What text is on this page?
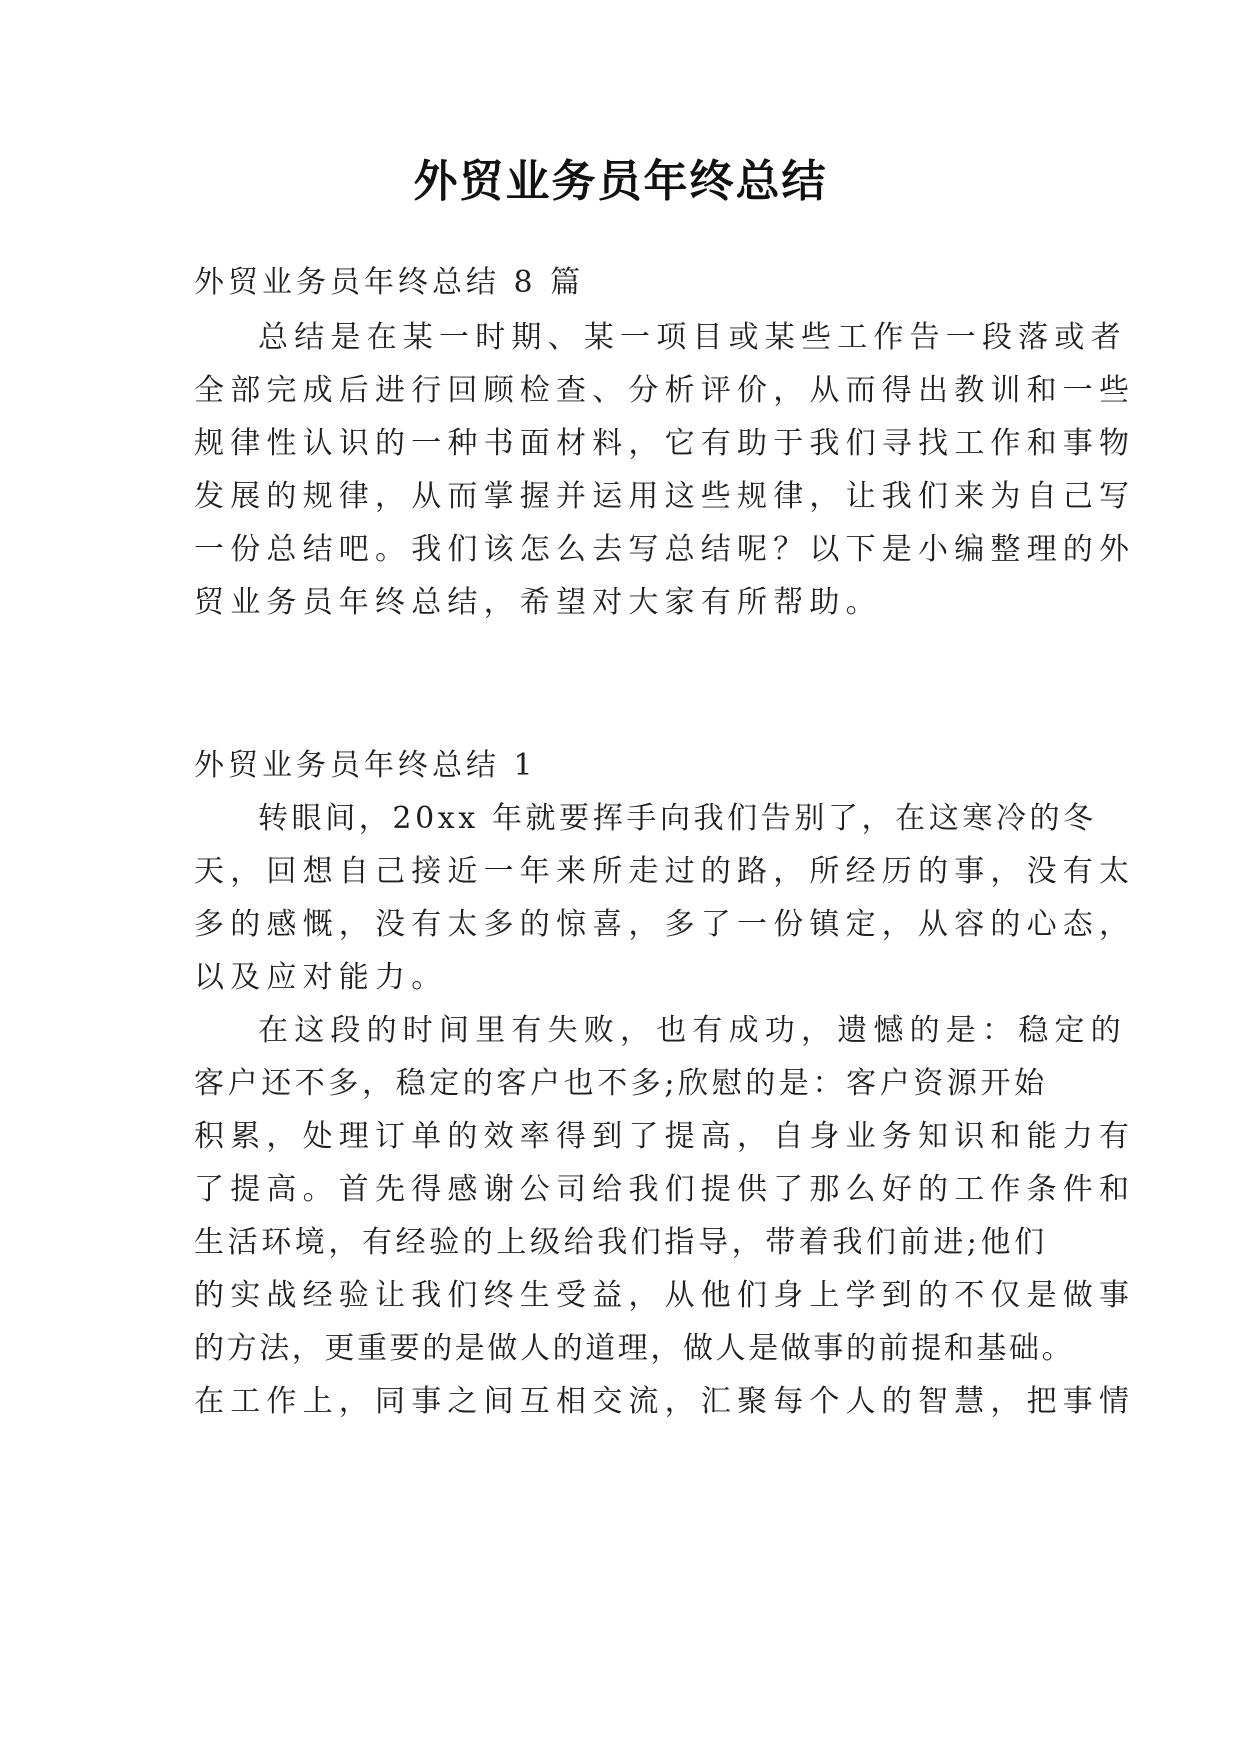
外贸业务员年终总结
外贸业务员年终总结 8 篇
总结是在某一时期、某一项目或某些工作告一段落或者
全部完成后进行回顾检查、分析评价，从而得出教训和一些
规律性认识的一种书面材料，它有助于我们寻找工作和事物
发展的规律，从而掌握并运用这些规律，让我们来为自己写
一份总结吧。我们该怎么去写总结呢？以下是小编整理的外
贸业务员年终总结，希望对大家有所帮助。
外贸业务员年终总结 1
转眼间，20xx 年就要挥手向我们告别了，在这寒冷的冬
天，回想自己接近一年来所走过的路，所经历的事，没有太
多的感慨，没有太多的惊喜，多了一份镇定，从容的心态，
以及应对能力。
在这段的时间里有失败，也有成功，遗憾的是：稳定的
客户还不多，稳定的客户也不多;欣慰的是：客户资源开始
积累，处理订单的效率得到了提高，自身业务知识和能力有
了提高。首先得感谢公司给我们提供了那么好的工作条件和
生活环境，有经验的上级给我们指导，带着我们前进;他们
的实战经验让我们终生受益，从他们身上学到的不仅是做事
的方法，更重要的是做人的道理，做人是做事的前提和基础。
在工作上，同事之间互相交流，汇聚每个人的智慧，把事情
